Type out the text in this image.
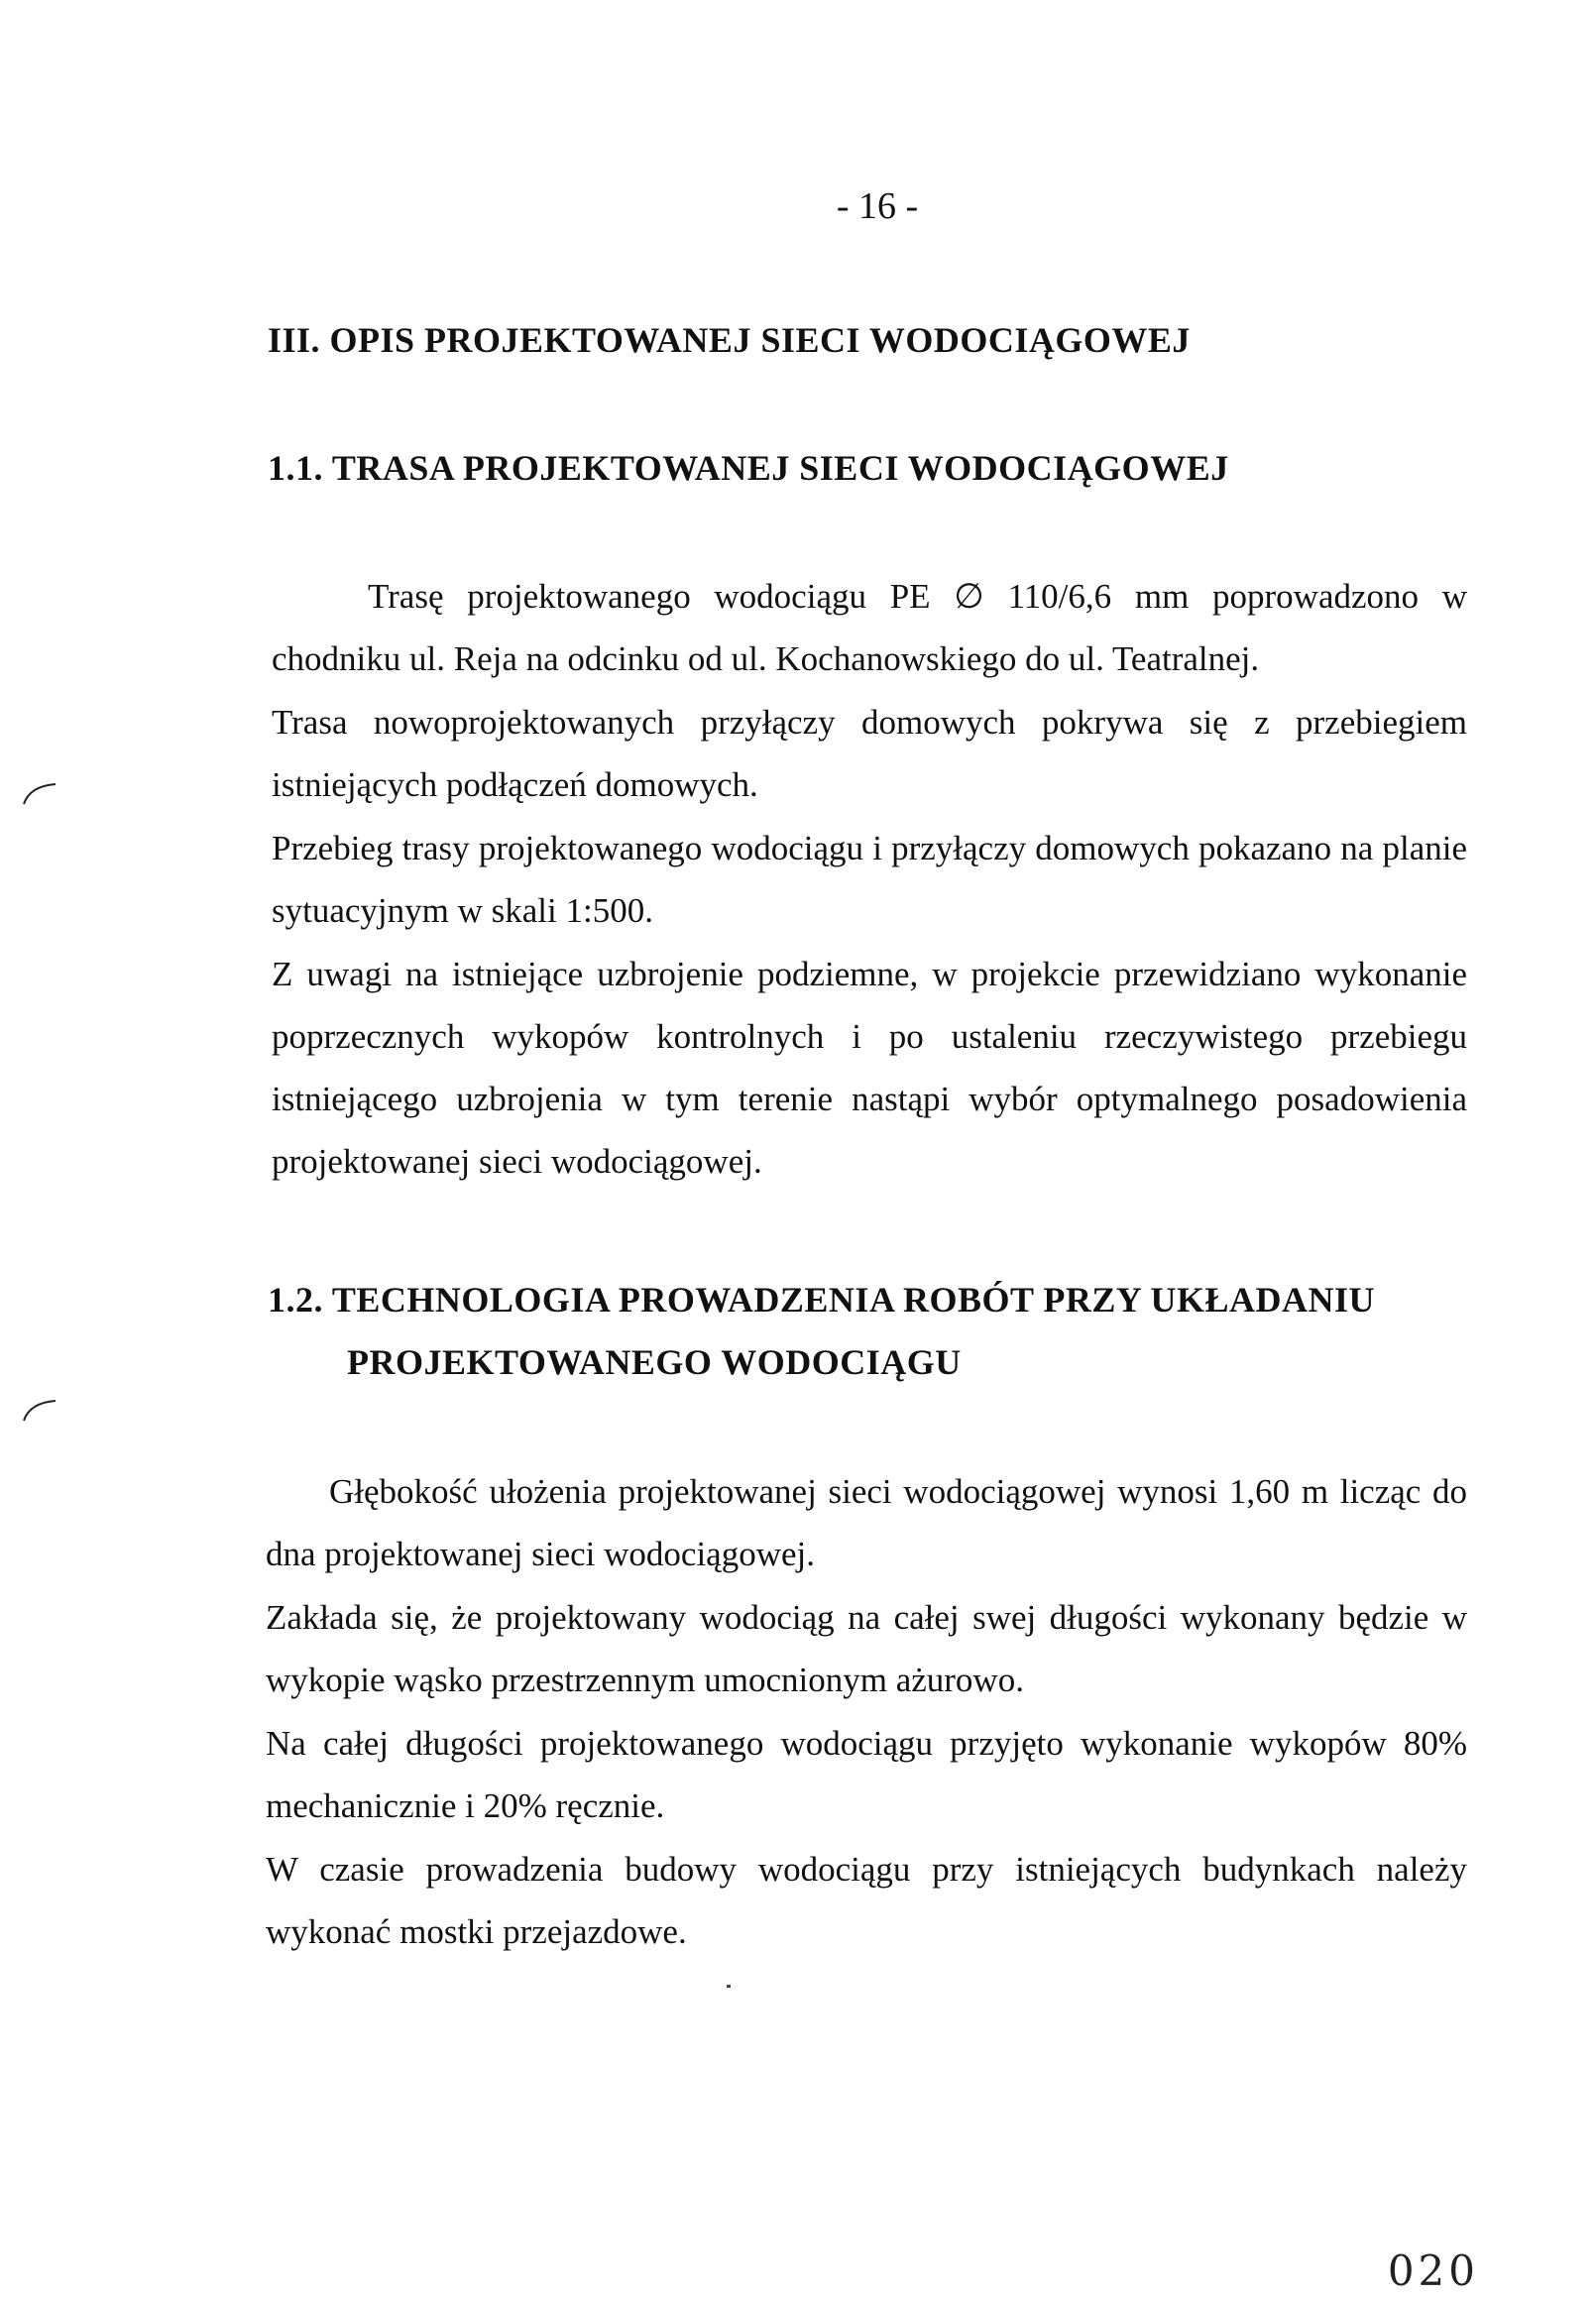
- 16 -
III. OPIS PROJEKTOWANEJ SIECI WODOCIĄGOWEJ
1.1. TRASA PROJEKTOWANEJ SIECI WODOCIĄGOWEJ
Trasę projektowanego wodociągu PE ∅ 110/6,6 mm poprowadzono w chodniku ul. Reja na odcinku od ul. Kochanowskiego do ul. Teatralnej.
Trasa nowoprojektowanych przyłączy domowych pokrywa się z przebiegiem istniejących podłączeń domowych.
Przebieg trasy projektowanego wodociągu i przyłączy domowych pokazano na planie sytuacyjnym w skali 1:500.
Z uwagi na istniejące uzbrojenie podziemne, w projekcie przewidziano wykonanie poprzecznych wykopów kontrolnych i po ustaleniu rzeczywistego przebiegu istniejącego uzbrojenia w tym terenie nastąpi wybór optymalnego posadowienia projektowanej sieci wodociągowej.
1.2. TECHNOLOGIA PROWADZENIA ROBÓT PRZY UKŁADANIU
PROJEKTOWANEGO WODOCIĄGU
Głębokość ułożenia projektowanej sieci wodociągowej wynosi 1,60 m licząc do dna projektowanej sieci wodociągowej.
Zakłada się, że projektowany wodociąg na całej swej długości wykonany będzie w wykopie wąsko przestrzennym umocnionym ażurowo.
Na całej długości projektowanego wodociągu przyjęto wykonanie wykopów 80% mechanicznie i 20% ręcznie.
W czasie prowadzenia budowy wodociągu przy istniejących budynkach należy wykonać mostki przejazdowe.
020
